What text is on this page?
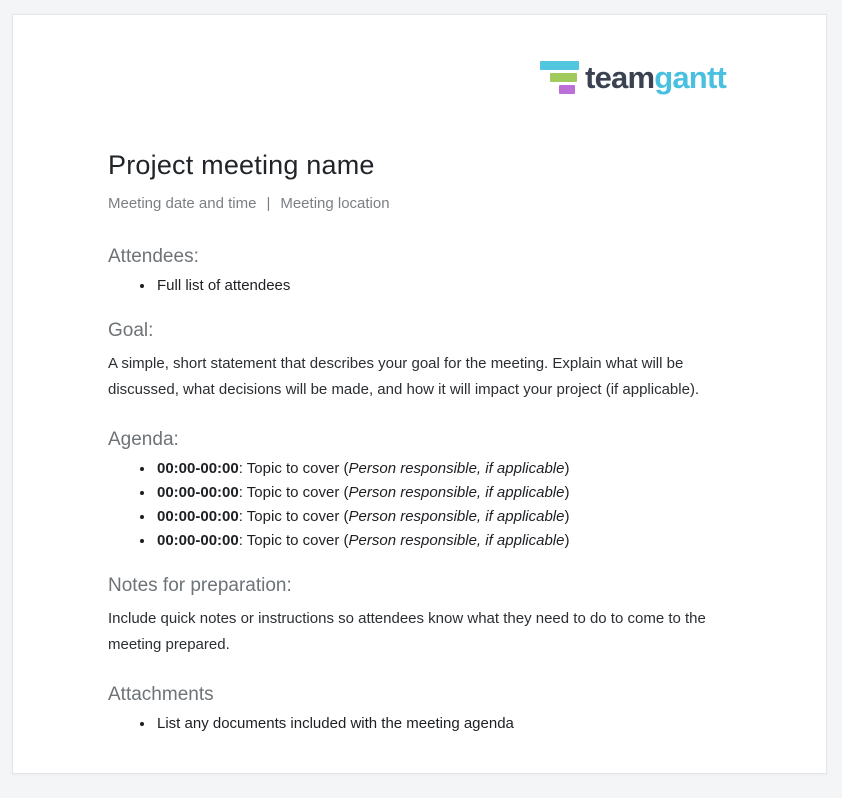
teamgantt
Project meeting name
Meeting date and time | Meeting location
Attendees:
• Full list of attendees
Goal:

A simple, short statement that describes your goal for the meeting. Explain what will be discussed, what decisions will be made, and how it will impact your project (if applicable).

Agenda:
• 00:00-00:00: Topic to cover (Person responsible, if applicable)
• 00:00-00:00: Topic to cover (Person responsible, if applicable)
• 00:00-00:00: Topic to cover (Person responsible, if applicable)
• 00:00-00:00: Topic to cover (Person responsible, if applicable)
Notes for preparation:

Include quick notes or instructions so attendees know what they need to do to come to the meeting prepared.

Attachments
• List any documents included with the meeting agenda
